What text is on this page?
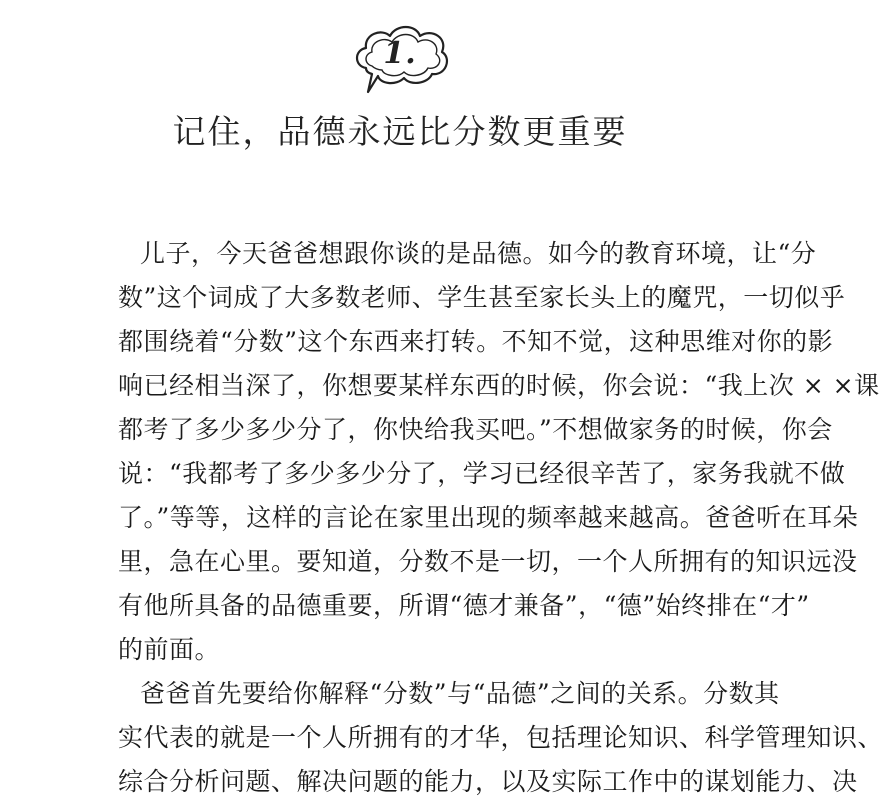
1.
记住，品德永远比分数更重要
儿子，今天爸爸想跟你谈的是品德。如今的教育环境，让“分
数”这个词成了大多数老师、学生甚至家长头上的魔咒，一切似乎
都围绕着“分数”这个东西来打转。不知不觉，这种思维对你的影
响已经相当深了，你想要某样东西的时候，你会说：“我上次 × ×课
都考了多少多少分了，你快给我买吧。”不想做家务的时候，你会
说：“我都考了多少多少分了，学习已经很辛苦了，家务我就不做
了。”等等，这样的言论在家里出现的频率越来越高。爸爸听在耳朵
里，急在心里。要知道，分数不是一切，一个人所拥有的知识远没
有他所具备的品德重要，所谓“德才兼备”，“德”始终排在“才”
的前面。
爸爸首先要给你解释“分数”与“品德”之间的关系。分数其
实代表的就是一个人所拥有的才华，包括理论知识、科学管理知识、
综合分析问题、解决问题的能力，以及实际工作中的谋划能力、决
